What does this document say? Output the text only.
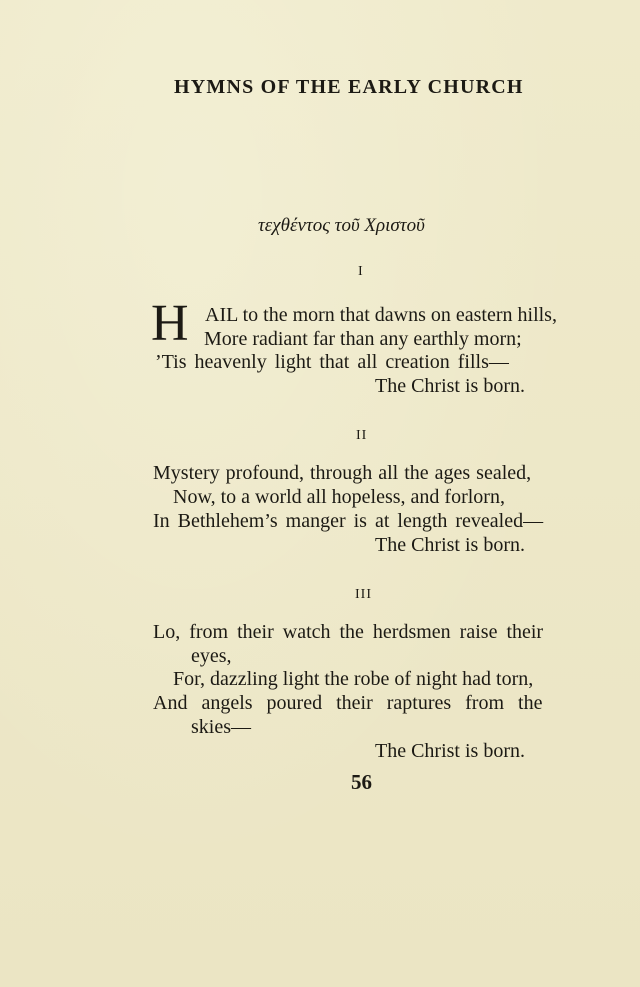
HYMNS OF THE EARLY CHURCH
τεχθέντος τοῦ Χριστοῦ
I
H AIL to the morn that dawns on eastern hills,
More radiant far than any earthly morn;
’Tis heavenly light that all creation fills—
The Christ is born.
II
Mystery profound, through all the ages sealed,
Now, to a world all hopeless, and forlorn,
In Bethlehem’s manger is at length revealed—
The Christ is born.
III
Lo, from their watch the herdsmen raise their
eyes,
For, dazzling light the robe of night had torn,
And angels poured their raptures from the
skies—
The Christ is born.
56
